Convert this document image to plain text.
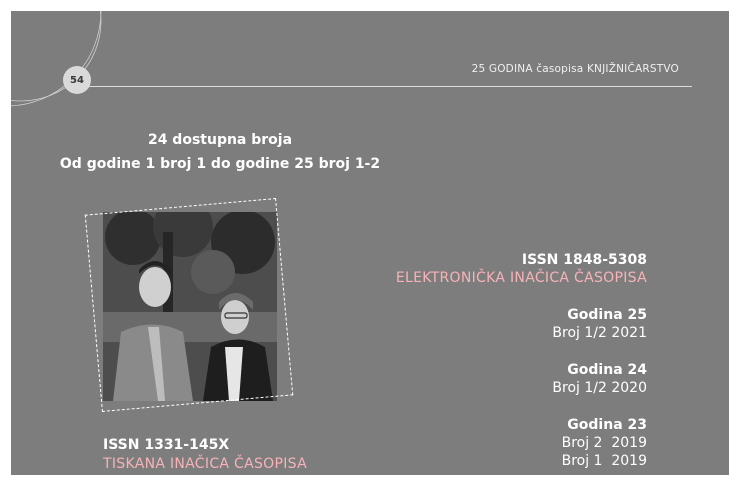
54
25 GODINA časopisa KNJIŽNIČARSTVO
24 dostupna broja
Od godine 1 broj 1 do godine 25 broj 1-2
ISSN 1331-145X
TISKANA INAČICA ČASOPISA
ISSN 1848-5308
ELEKTRONIČKA INAČICA ČASOPISA
Godina 25
Broj 1/2 2021
Godina 24
Broj 1/2 2020
Godina 23
Broj 2  2019
Broj 1  2019
